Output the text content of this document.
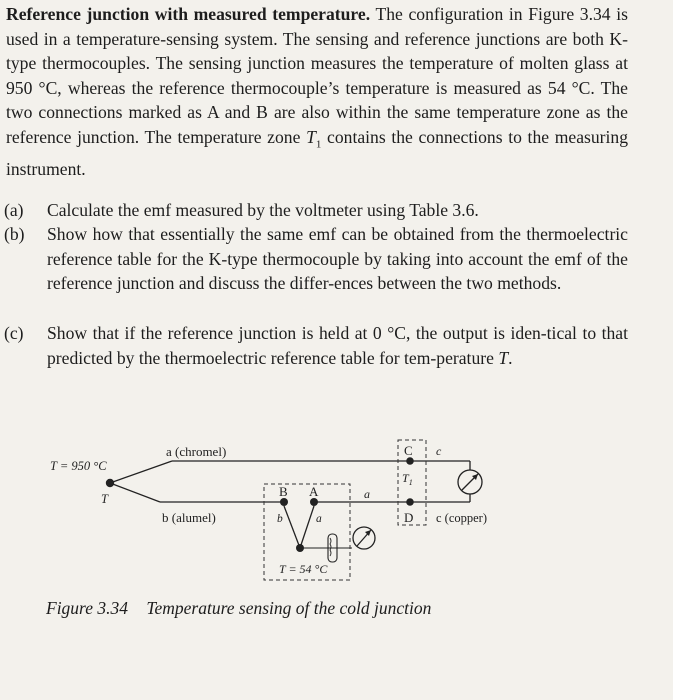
Reference junction with measured temperature. The configuration in Figure 3.34 is used in a temperature-sensing system. The sensing and reference junctions are both K-type thermocouples. The sensing junction measures the temperature of molten glass at 950 °C, whereas the reference thermocouple’s temperature is measured as 54 °C. The two connections marked as A and B are also within the same temperature zone as the reference junction. The temperature zone $T_1$ contains the connections to the measuring instrument.
(a) Calculate the emf measured by the voltmeter using Table 3.6.
(b) Show how that essentially the same emf can be obtained from the thermoelectric reference table for the K-type thermocouple by taking into account the emf of the reference junction and discuss the differ-ences between the two methods.
(c) Show that if the reference junction is held at 0 °C, the output is iden-tical to that predicted by the thermoelectric reference table for tem-perature T.
T = 950 °C
T
a (chromel)
b (alumel)
B A
b	a
a
C c
$T_1$
D c (copper)
T = 54 °C
Figure 3.34 Temperature sensing of the cold junction
